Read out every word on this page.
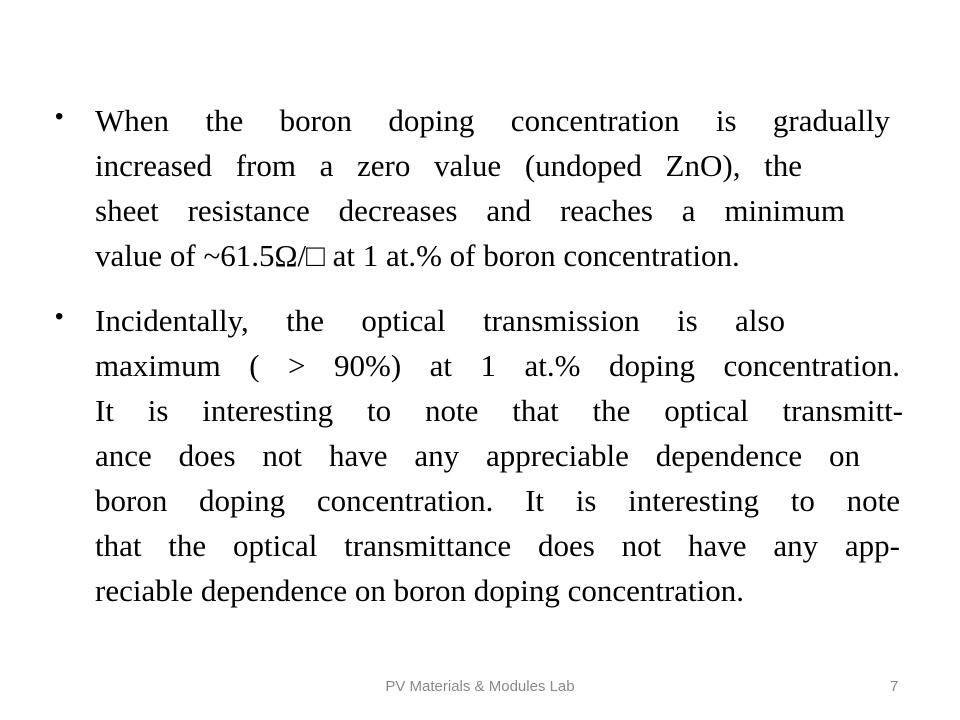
• When the boron doping concentration is gradually
increased from a zero value (undoped ZnO), the
sheet resistance decreases and reaches a minimum
value of ~61.5Ω/□ at 1 at.% of boron concentration.
• Incidentally, the optical transmission is also
maximum ( > 90%) at 1 at.% doping concentration.
It is interesting to note that the optical transmitt-
ance does not have any appreciable dependence on
boron doping concentration. It is interesting to note
that the optical transmittance does not have any app-
reciable dependence on boron doping concentration.
PV Materials & Modules Lab	7
